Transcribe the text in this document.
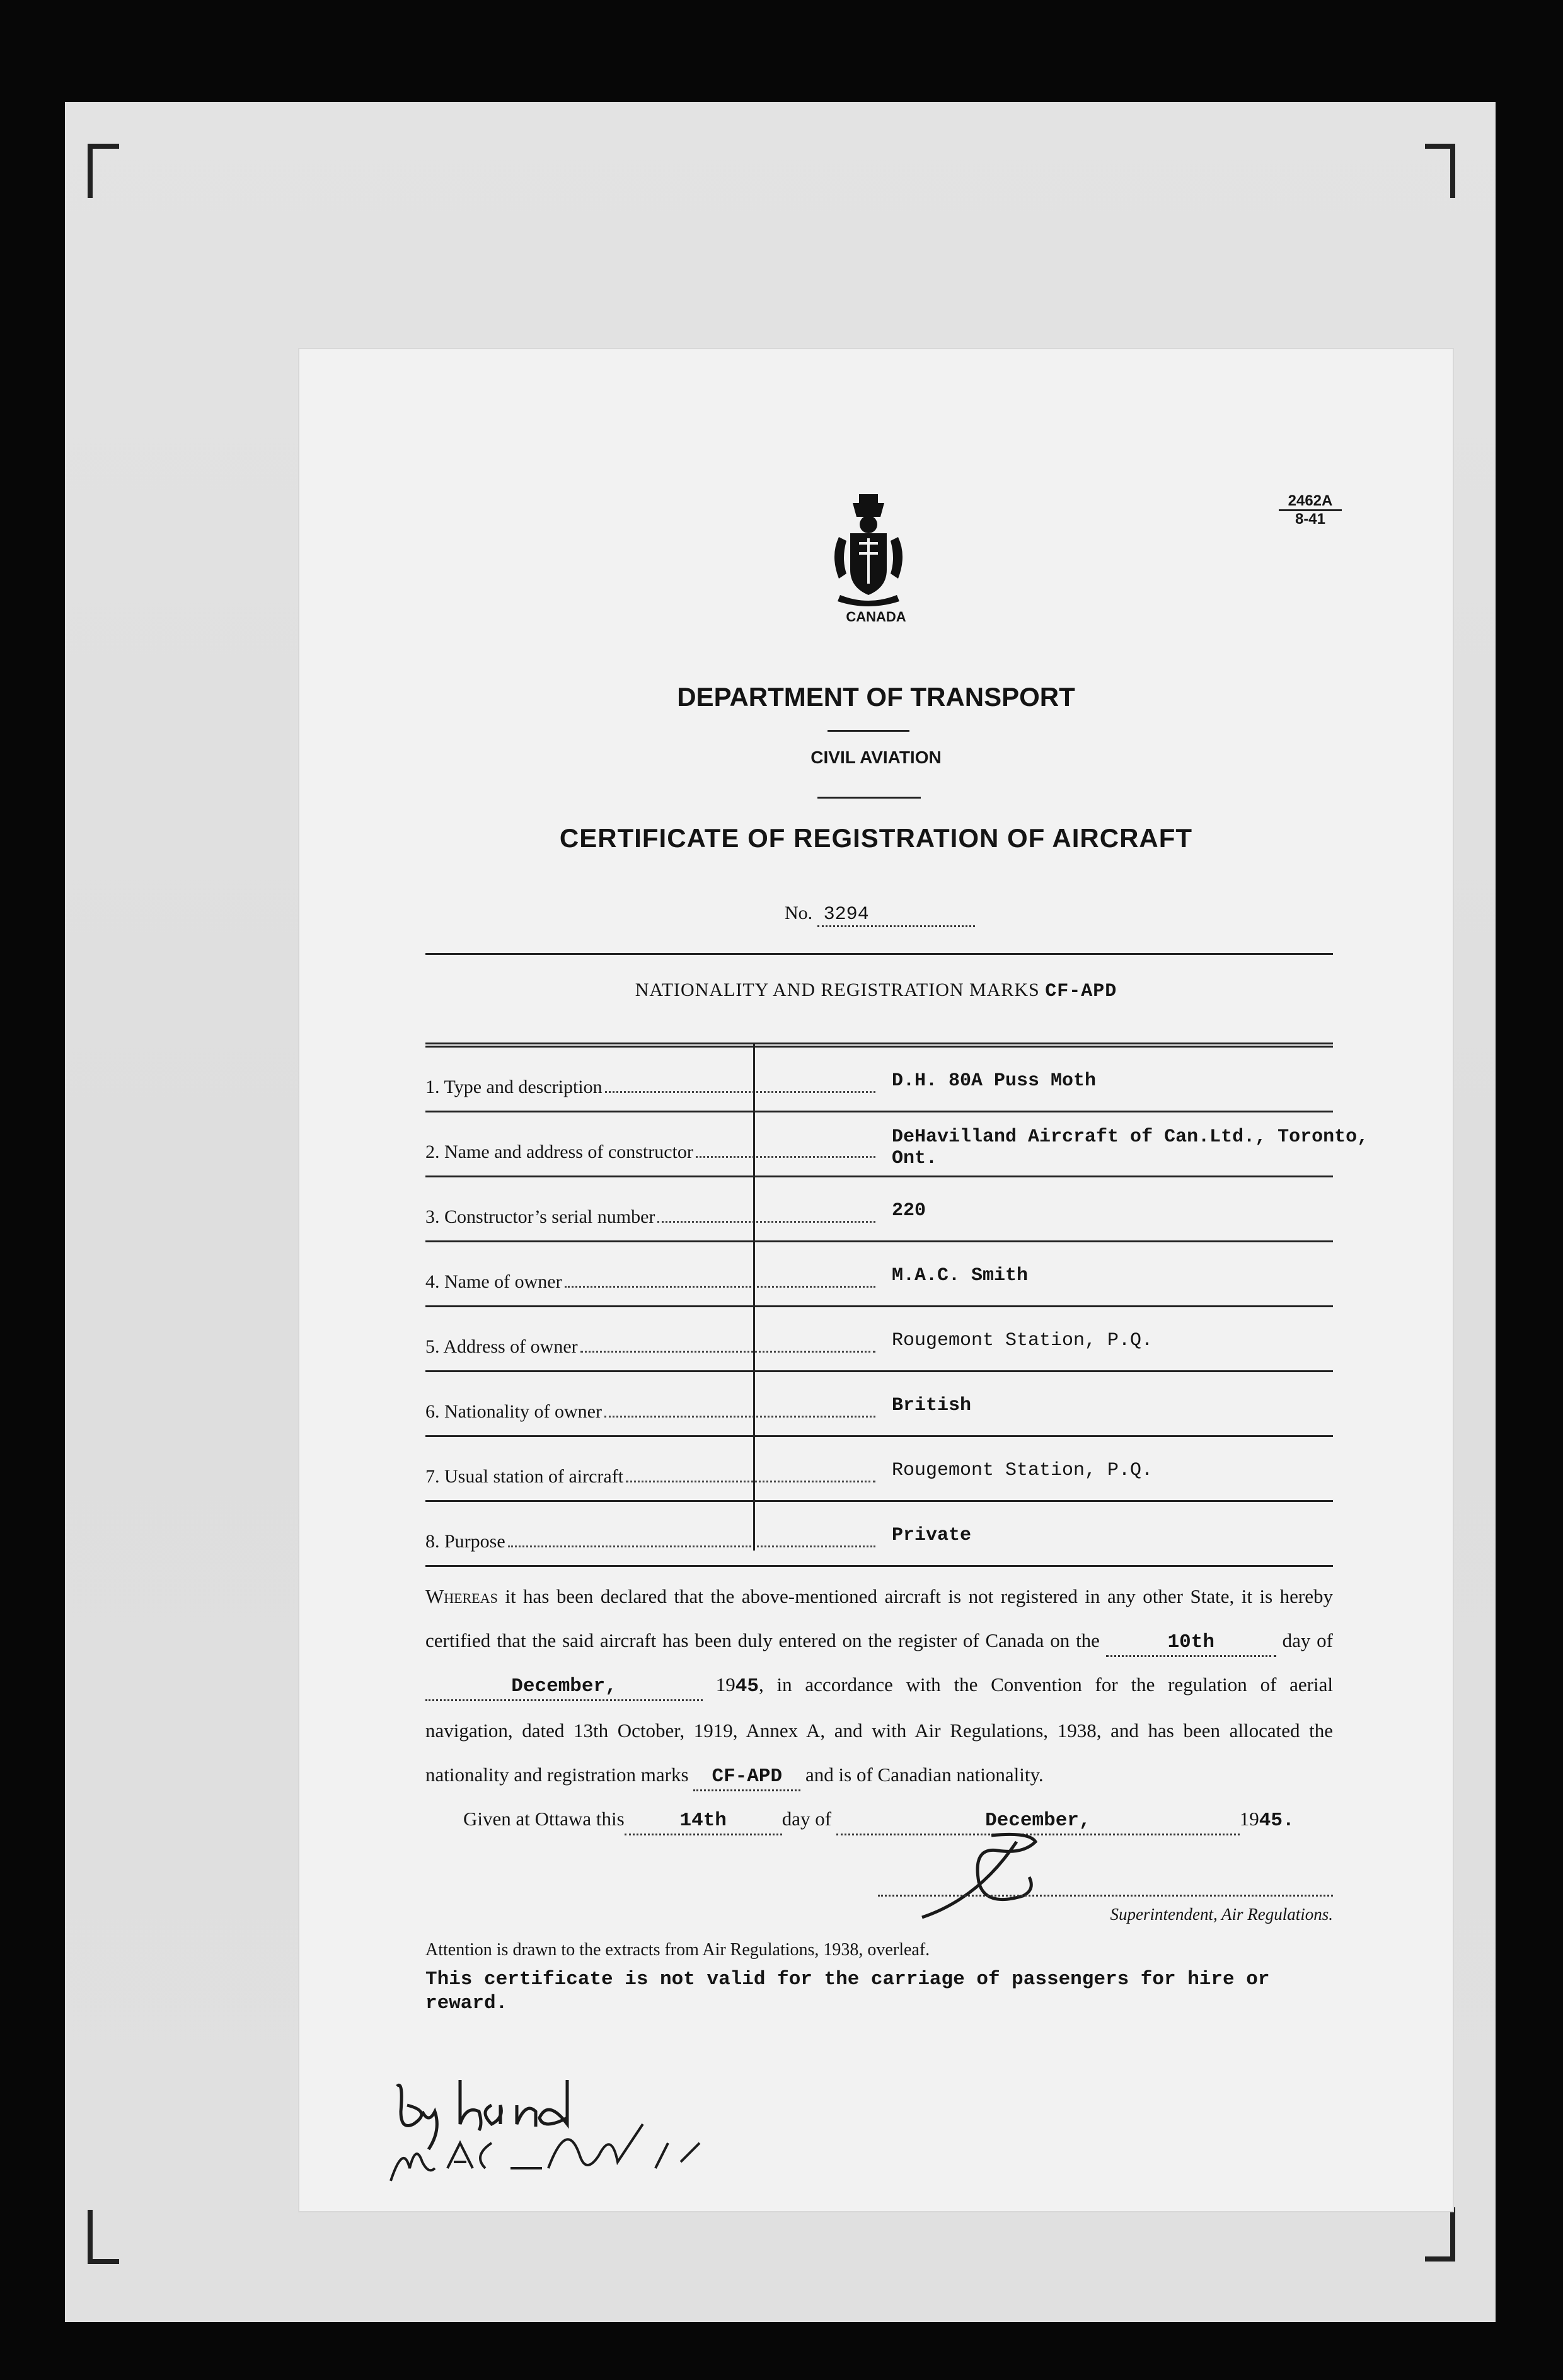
2462A
8-41
CANADA
DEPARTMENT OF TRANSPORT
CIVIL AVIATION
CERTIFICATE OF REGISTRATION OF AIRCRAFT
No. 3294
NATIONALITY AND REGISTRATION MARKS CF-APD
1. Type and description	D.H. 80A Puss Moth
2. Name and address of constructor
DeHavilland Aircraft of Can.Ltd., Toronto, Ont.
3. Constructor’s serial number	220
4. Name of owner	M.A.C. Smith
5. Address of owner	Rougemont Station, P.Q.
6. Nationality of owner	British
7. Usual station of aircraft	Rougemont Station, P.Q.
8. Purpose	Private

Whereas it has been declared that the above-mentioned aircraft is not registered in any other State, it is hereby certified that the said aircraft has been duly entered on the register of Canada on the	10th	day of December,	1945, in accordance with the Convention for the regulation of aerial navigation, dated 13th October, 1919, Annex A, and with Air Regulations, 1938, and has been allocated the nationality and registration marks CF-APD and is of Canadian nationality.

Given at Ottawa this	14th	day of	December,	1945.
Superintendent, Air Regulations.
Attention is drawn to the extracts from Air Regulations, 1938, overleaf.
This certificate is not valid for the carriage of passengers for hire or reward.
